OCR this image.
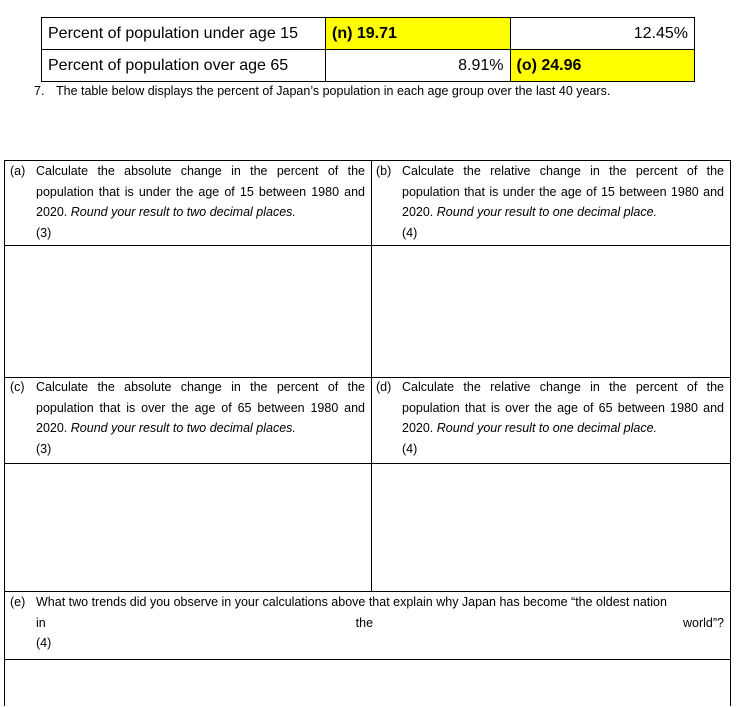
Percent of population under age 15	(n) 19.71	12.45%
Percent of population over age 65	8.91%	(o) 24.96
7. The table below displays the percent of Japan’s population in each age group over the last 40 years.
(a) Calculate the absolute change in the percent of the population that is under the age of 15 between 1980 and 2020. Round your result to two decimal places.
(3)
(b) Calculate the relative change in the percent of the population that is under the age of 15 between 1980 and 2020. Round your result to one decimal place.
(4)
(c) Calculate the absolute change in the percent of the population that is over the age of 65 between 1980 and 2020. Round your result to two decimal places.
(3)
(d) Calculate the relative change in the percent of the population that is over the age of 65 between 1980 and 2020. Round your result to one decimal place.
(4)
(e) What two trends did you observe in your calculations above that explain why Japan has become “the oldest nation

in the world”?
(4)
